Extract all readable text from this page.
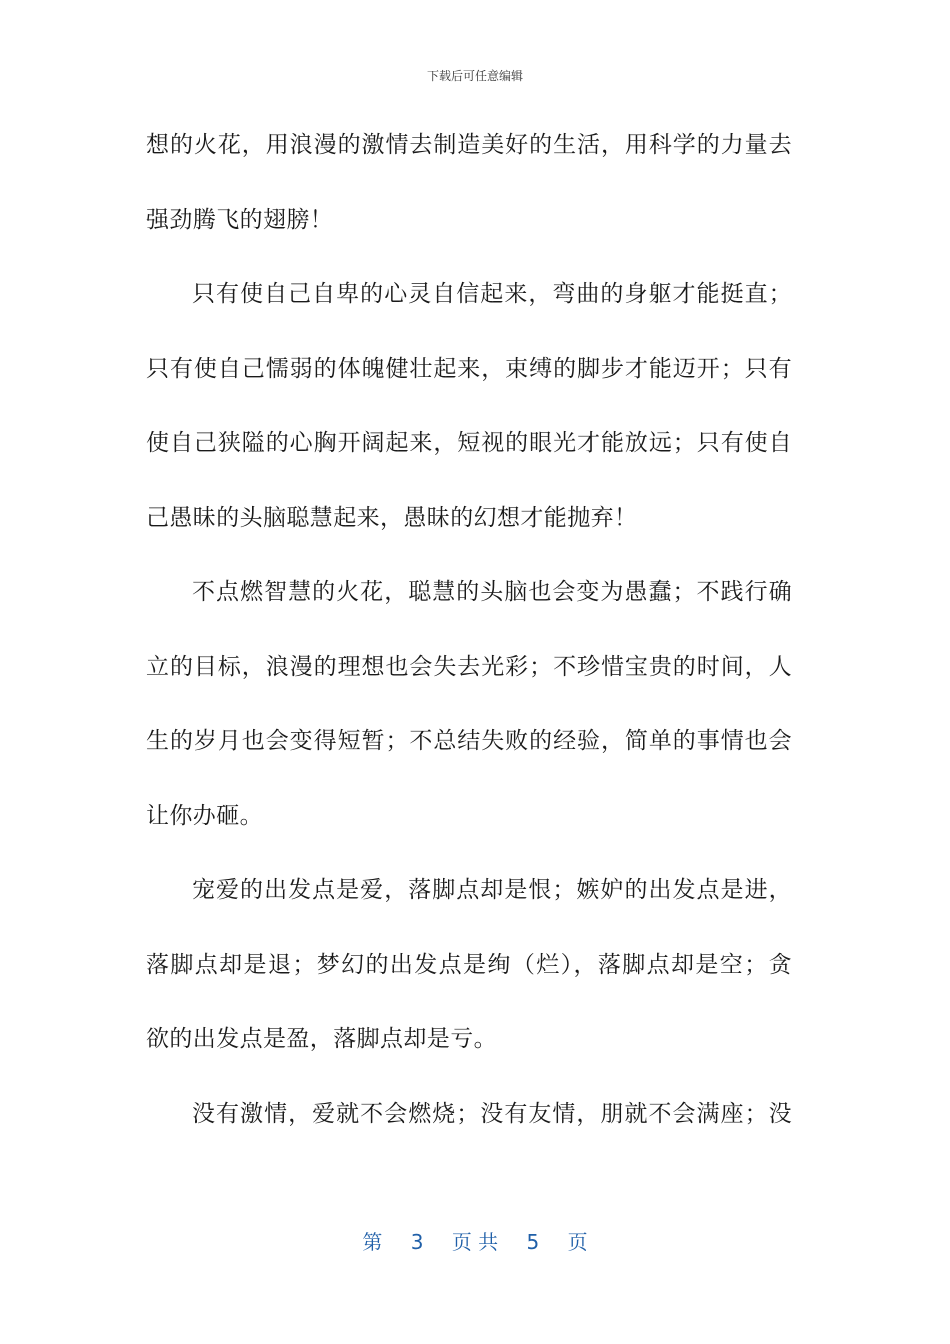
下载后可任意编辑
想的火花，用浪漫的激情去制造美好的生活，用科学的力量去
强劲腾飞的翅膀！
只有使自己自卑的心灵自信起来，弯曲的身躯才能挺直；
只有使自己懦弱的体魄健壮起来，束缚的脚步才能迈开；只有
使自己狭隘的心胸开阔起来，短视的眼光才能放远；只有使自
己愚昧的头脑聪慧起来，愚昧的幻想才能抛弃！
不点燃智慧的火花，聪慧的头脑也会变为愚蠢；不践行确
立的目标，浪漫的理想也会失去光彩；不珍惜宝贵的时间，人
生的岁月也会变得短暂；不总结失败的经验，简单的事情也会
让你办砸。
宠爱的出发点是爱，落脚点却是恨；嫉妒的出发点是进，
落脚点却是退；梦幻的出发点是绚（烂），落脚点却是空；贪
欲的出发点是盈，落脚点却是亏。
没有激情，爱就不会燃烧；没有友情，朋就不会满座；没
第 3 页 共 5 页
